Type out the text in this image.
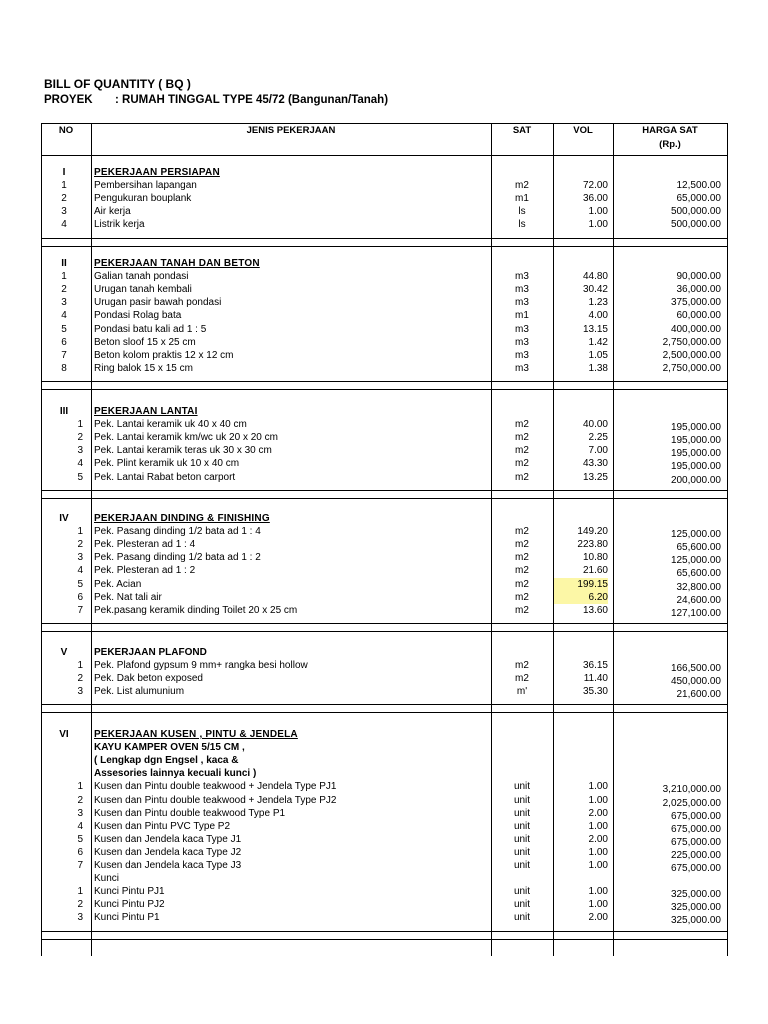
BILL OF QUANTITY ( BQ )
PROYEK : RUMAH TINGGAL TYPE 45/72 (Bangunan/Tanah)
NO	JENIS PEKERJAAN	SAT	VOL	HARGA SAT
(Rp.)
I	PEKERJAAN PERSIAPAN
1	Pembersihan lapangan	m2	72.00	12,500.00
2	Pengukuran bouplank	m1	36.00	65,000.00
3	Air kerja	ls	1.00	500,000.00
4	Listrik kerja	ls	1.00	500,000.00
II	PEKERJAAN TANAH DAN BETON
1	Galian tanah pondasi	m3	44.80	90,000.00
2	Urugan tanah kembali	m3	30.42	36,000.00
3	Urugan pasir bawah pondasi	m3	1.23	375,000.00
4	Pondasi Rolag bata	m1	4.00	60,000.00
5	Pondasi batu kali ad 1 : 5	m3	13.15	400,000.00
6	Beton sloof 15 x 25 cm	m3	1.42	2,750,000.00
7	Beton kolom praktis 12 x 12 cm	m3	1.05	2,500,000.00
8	Ring balok 15 x 15 cm	m3	1.38	2,750,000.00
III	PEKERJAAN LANTAI
1 Pek. Lantai keramik uk 40 x 40 cm	m2	40.00	195,000.00
2 Pek. Lantai keramik km/wc uk 20 x 20 cm	m2	2.25	195,000.00
3 Pek. Lantai keramik teras uk 30 x 30 cm	m2	7.00	195,000.00
4 Pek. Plint keramik uk 10 x 40 cm	m2	43.30	195,000.00
5 Pek. Lantai Rabat beton carport	m2	13.25	200,000.00
IV	PEKERJAAN DINDING & FINISHING
1 Pek. Pasang dinding 1/2 bata ad 1 : 4	m2	149.20	125,000.00
2 Pek. Plesteran ad 1 : 4	m2	223.80	65,600.00
3 Pek. Pasang dinding 1/2 bata ad 1 : 2	m2	10.80	125,000.00
4 Pek. Plesteran ad 1 : 2	m2	21.60	65,600.00
5 Pek. Acian	m2	199.15	32,800.00
6 Pek. Nat tali air	m2	6.20	24,600.00
7 Pek.pasang keramik dinding Toilet 20 x 25 cm	m2	13.60	127,100.00
V	PEKERJAAN PLAFOND
1 Pek. Plafond gypsum 9 mm+ rangka besi hollow	m2	36.15	166,500.00
2 Pek. Dak beton exposed	m2	11.40	450,000.00
3 Pek. List alumunium	m'	35.30	21,600.00
VI	PEKERJAAN KUSEN , PINTU & JENDELA
KAYU KAMPER OVEN 5/15 CM ,
( Lengkap dgn Engsel , kaca &
Assesories lainnya kecuali kunci )
1 Kusen dan Pintu double teakwood + Jendela Type PJ1	unit	1.00	3,210,000.00
2 Kusen dan Pintu double teakwood + Jendela Type PJ2	unit	1.00	2,025,000.00
3 Kusen dan Pintu double teakwood Type P1	unit	2.00	675,000.00
4 Kusen dan Pintu PVC Type P2	unit	1.00	675,000.00
5 Kusen dan Jendela kaca Type J1	unit	2.00	675,000.00
6 Kusen dan Jendela kaca Type J2	unit	1.00	225,000.00
7 Kusen dan Jendela kaca Type J3	unit	1.00	675,000.00
Kunci
1 Kunci Pintu PJ1	unit	1.00	325,000.00
2 Kunci Pintu PJ2	unit	1.00	325,000.00
3 Kunci Pintu P1	unit	2.00	325,000.00
